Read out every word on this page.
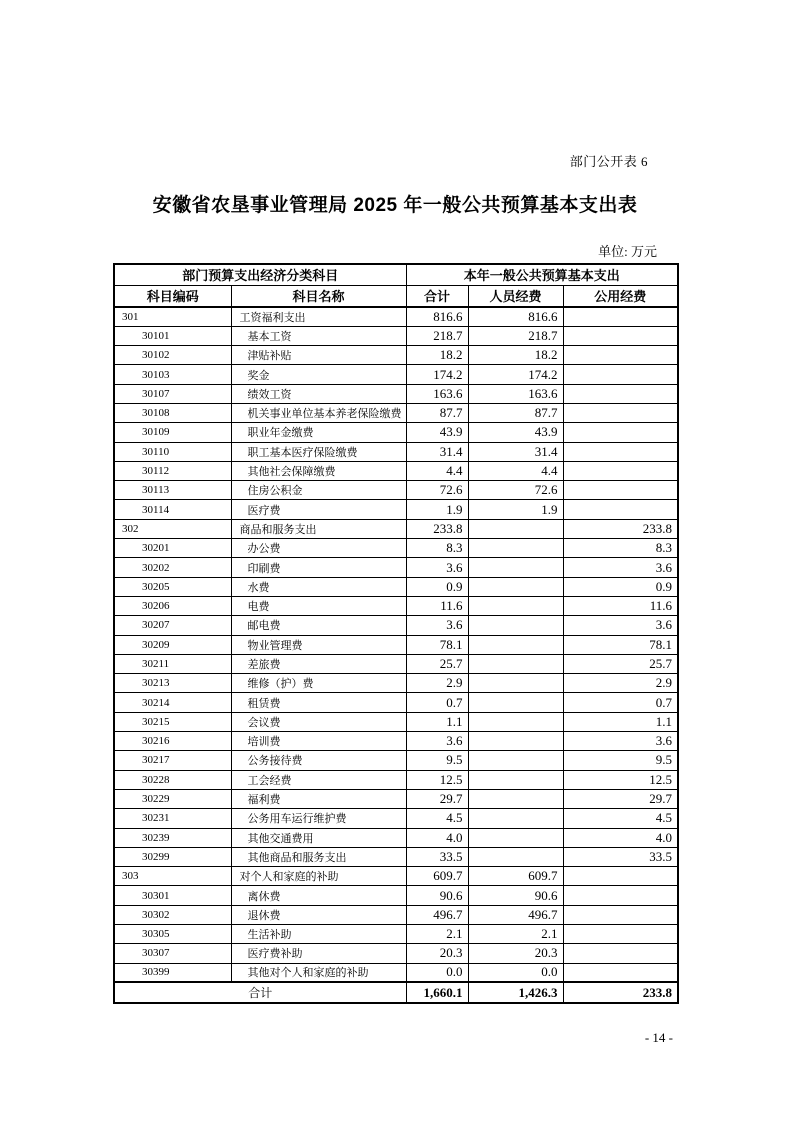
部门公开表 6
安徽省农垦事业管理局 2025 年一般公共预算基本支出表
单位: 万元
部门预算支出经济分类科目		本年一般公共预算基本支出		
科目编码	科目名称	合计	人员经费	公用经费
301	工资福利支出	816.6	816.6	
30101	基本工资	218.7	218.7	
30102	津贴补贴	18.2	18.2	
30103	奖金	174.2	174.2	
30107	绩效工资	163.6	163.6	
30108	机关事业单位基本养老保险缴费	87.7	87.7	
30109	职业年金缴费	43.9	43.9	
30110	职工基本医疗保险缴费	31.4	31.4	
30112	其他社会保障缴费	4.4	4.4	
30113	住房公积金	72.6	72.6	
30114	医疗费	1.9	1.9	
302	商品和服务支出	233.8		233.8
30201	办公费	8.3		8.3
30202	印刷费	3.6		3.6
30205	水费	0.9		0.9
30206	电费	11.6		11.6
30207	邮电费	3.6		3.6
30209	物业管理费	78.1		78.1
30211	差旅费	25.7		25.7
30213	维修（护）费	2.9		2.9
30214	租赁费	0.7		0.7
30215	会议费	1.1		1.1
30216	培训费	3.6		3.6
30217	公务接待费	9.5		9.5
30228	工会经费	12.5		12.5
30229	福利费	29.7		29.7
30231	公务用车运行维护费	4.5		4.5
30239	其他交通费用	4.0		4.0
30299	其他商品和服务支出	33.5		33.5
303	对个人和家庭的补助	609.7	609.7	
30301	离休费	90.6	90.6	
30302	退休费	496.7	496.7	
30305	生活补助	2.1	2.1	
30307	医疗费补助	20.3	20.3	
30399	其他对个人和家庭的补助	0.0	0.0	
合计		1,660.1	1,426.3	233.8
- 14 -
